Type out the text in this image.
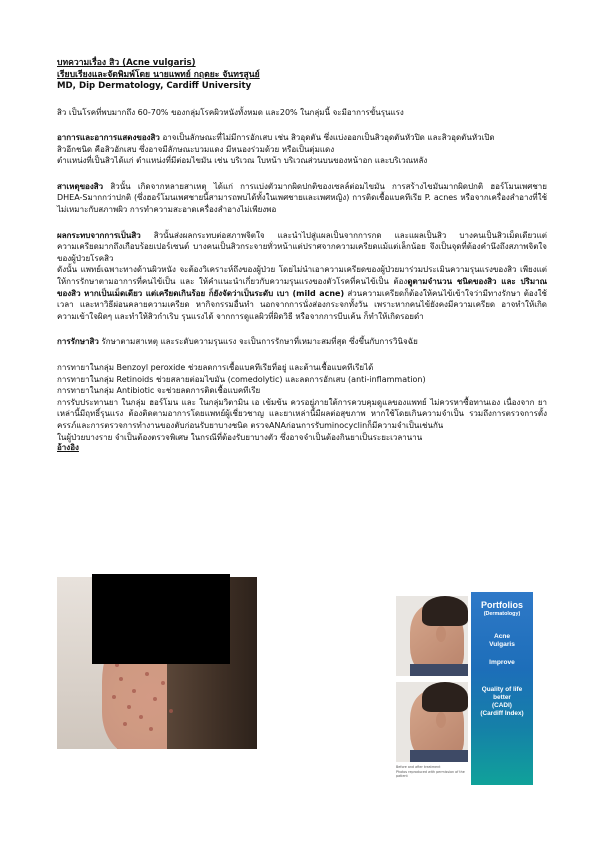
บทความเรื่อง สิว (Acne vulgaris)
เรียบเรียงและจัดพิมพ์โดย นายแพทย์ กฤตยะ จันทรสูนย์
MD, Dip Dermatology, Cardiff University

สิว เป็นโรคที่พบมากถึง 60-70% ของกลุ่มโรคผิวหนังทั้งหมด และ20% ในกลุ่มนี้ จะมีอาการขั้นรุนแรง

อาการและอาการแสดงของสิว อาจเป็นลักษณะที่ไม่มีการอักเสบ เช่น สิวอุดตัน ซึ่งแบ่งออกเป็นสิวอุดตันหัวปิด และสิวอุดตันหัวเปิด

สิวอีกชนิด คือสิวอักเสบ ซึ่งอาจมีลักษณะบวมแดง มีหนองร่วมด้วย หรือเป็นตุ่มแดง

ตำแหน่งที่เป็นสิวได้แก่ ตำแหน่งที่มีต่อมไขมัน เช่น บริเวณ ใบหน้า บริเวณส่วนบนของหน้าอก และบริเวณหลัง

สาเหตุของสิว สิวนั้น เกิดจากหลายสาเหตุ ได้แก่ การแบ่งตัวมากผิดปกติของเซลล์ต่อมไขมัน การสร้างไขมันมากผิดปกติ ฮอร์โมนเพศชาย DHEA-Sมากกว่าปกติ (ซึ่งฮอร์โมนเพศชายนี้สามารถพบได้ทั้งในเพศชายและเพศหญิง) การติดเชื้อแบคทีเรีย P. acnes หรือจากเครื่องสำอางที่ใช้ไม่เหมาะกับสภาพผิว การทำความสะอาดเครื่องสำอางไม่เพียงพอ

ผลกระทบจากการเป็นสิว สิวนั้นส่งผลกระทบต่อสภาพจิตใจ และนำไปสู่แผลเป็นจากการกด และแผลเป็นสิว บางคนเป็นสิวเม็ดเดียวแต่ความเครียดมากถึงเกือบร้อยเปอร์เซนต์ บางคนเป็นสิวกระจายทั่วหน้าแต่ปราศจากความเครียดแม้แต่เล็กน้อย จึงเป็นจุดที่ต้องคำนึงถึงสภาพจิตใจ ของผู้ป่วยโรคสิว

ดังนั้น แพทย์เฉพาะทางด้านผิวหนัง จะต้องวิเคราะห์ถึงของผู้ป่วย โดยไม่นำเอาความเครียดของผู้ป่วยมาร่วมประเมินความรุนแรงของสิว เพียงแต่ให้การรักษาตามอาการที่คนไข้เป็น และ ให้คำแนะนำเกี่ยวกับความรุนแรงของตัวโรคที่คนไข้เป็น ต้องดูตามจำนวน ชนิดของสิว และ ปริมาณของสิว หากเป็นเม็ดเดียว แต่เครียดเกินร้อย ก็ยังจัดว่าเป็นระดับ เบา (mild acne) ส่วนความเครียดก็ต้องให้คนไข้เข้าใจว่ามีทางรักษา ต้องใช้เวลา และหาวิธีผ่อนคลายความเครียด หากิจกรรมอื่นทำ นอกจากการนั่งส่องกระจกทั้งวัน เพราะหากคนไข้ยังคงมีความเครียด อาจทำให้เกิดความเข้าใจผิดๆ และทำให้สิวกำเริบ รุนแรงได้ จากการดูแลผิวที่ผิดวิธี หรือจากการบีบเค้น ก็ทำให้เกิดรอยดำ

การรักษาสิว รักษาตามสาเหตุ และระดับความรุนแรง จะเป็นการรักษาที่เหมาะสมที่สุด ซึ่งขึ้นกับการวินิจฉัย

การทายาในกลุ่ม Benzoyl peroxide ช่วยลดการเชื้อแบคทีเรียที่อยู่ และต้านเชื้อแบคทีเรียได้

การทายาในกลุ่ม Retinoids ช่วยสลายต่อมไขมัน (comedolytic) และลดการอักเสบ (anti-inflammation)

การทายาในกลุ่ม Antibiotic จะช่วยลดการติดเชื้อแบคทีเรีย

การรับประทานยา ในกลุ่ม ฮอร์โมน และ ในกลุ่มวิตามิน เอ เข้มข้น ควรอยู่ภายใต้การควบคุมดูแลของแพทย์ ไม่ควรหาซื้อทานเอง เนื่องจาก ยาเหล่านี้มีฤทธิ์รุนแรง ต้องติดตามอาการโดยแพทย์ผู้เชี่ยวชาญ และยาเหล่านี้มีผลต่อสุขภาพ หากใช้โดยเกินความจำเป็น รวมถึงการตรวจการตั้งครรภ์และการตรวจการทำงานของตับก่อนรับยาบางชนิด ตรวจANAก่อนการรับminocyclinก็มีความจำเป็นเช่นกัน

ในผู้ป่วยบางราย จำเป็นต้องตรวจพิเศษ ในกรณีที่ต้องรับยาบางตัว ซึ่งอาจจำเป็นต้องกินยาเป็นระยะเวลานาน

อ้างอิง
Before and after treatment
Photos reproduced with permission of the patient
Portfolios
(Dermatology)
Acne
Vulgaris
Improve
Quality of life
better
(CADI)
(Cardiff Index)
